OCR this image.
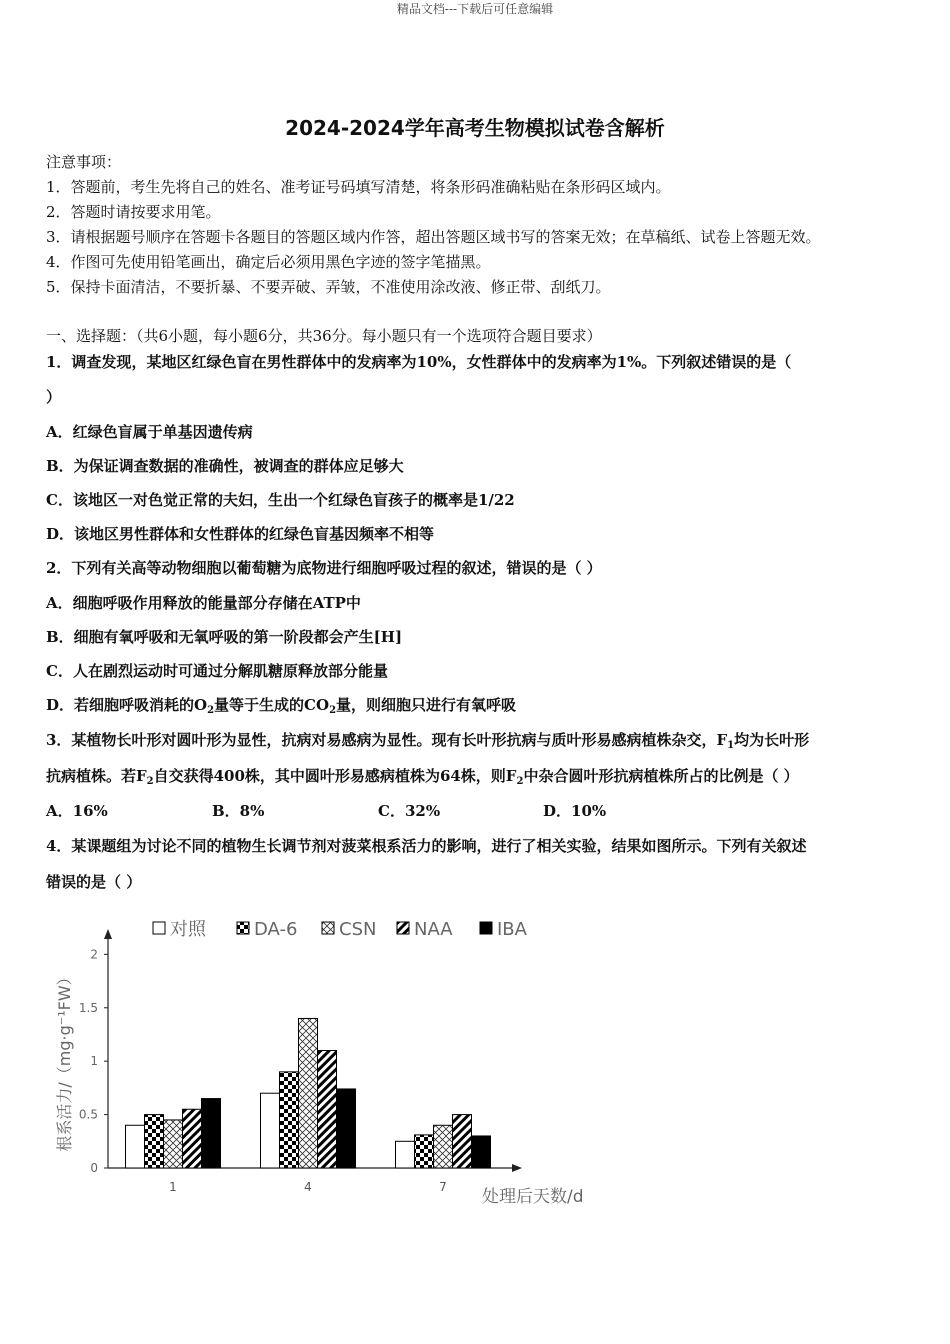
精品文档---下载后可任意编辑
2024-2024学年高考生物模拟试卷含解析
注意事项：
1．答题前，考生先将自己的姓名、准考证号码填写清楚，将条形码准确粘贴在条形码区域内。
2．答题时请按要求用笔。
3．请根据题号顺序在答题卡各题目的答题区域内作答，超出答题区域书写的答案无效；在草稿纸、试卷上答题无效。
4．作图可先使用铅笔画出，确定后必须用黑色字迹的签字笔描黑。
5．保持卡面清洁，不要折暴、不要弄破、弄皱，不准使用涂改液、修正带、刮纸刀。
一、选择题：（共6小题，每小题6分，共36分。每小题只有一个选项符合题目要求）
1．调查发现，某地区红绿色盲在男性群体中的发病率为10%，女性群体中的发病率为1%。下列叙述错误的是（
）
A．红绿色盲属于单基因遗传病
B．为保证调查数据的准确性，被调查的群体应足够大
C．该地区一对色觉正常的夫妇，生出一个红绿色盲孩子的概率是1/22
D．该地区男性群体和女性群体的红绿色盲基因频率不相等
2．下列有关高等动物细胞以葡萄糖为底物进行细胞呼吸过程的叙述，错误的是（ ）
A．细胞呼吸作用释放的能量部分存储在ATP中
B．细胞有氧呼吸和无氧呼吸的第一阶段都会产生[H]
C．人在剧烈运动时可通过分解肌糖原释放部分能量
D．若细胞呼吸消耗的$O_2$量等于生成的$CO_2$量，则细胞只进行有氧呼吸
3．某植物长叶形对圆叶形为显性，抗病对易感病为显性。现有长叶形抗病与质叶形易感病植株杂交，$F_1$均为长叶形
抗病植株。若$F_2$自交获得400株，其中圆叶形易感病植株为64株，则$F_2$中杂合圆叶形抗病植株所占的比例是（ ）
A．16%	B．8%	C．32%	D．10%
4．某课题组为讨论不同的植物生长调节剂对菠菜根系活力的影响，进行了相关实验，结果如图所示。下列有关叙述
错误的是（ ）
对照	DA-6 CSN NAA IBA
0
0.5
1
1.5
2
1	4	7
根系活力/（mg·g⁻¹FW）
处理后天数/d
